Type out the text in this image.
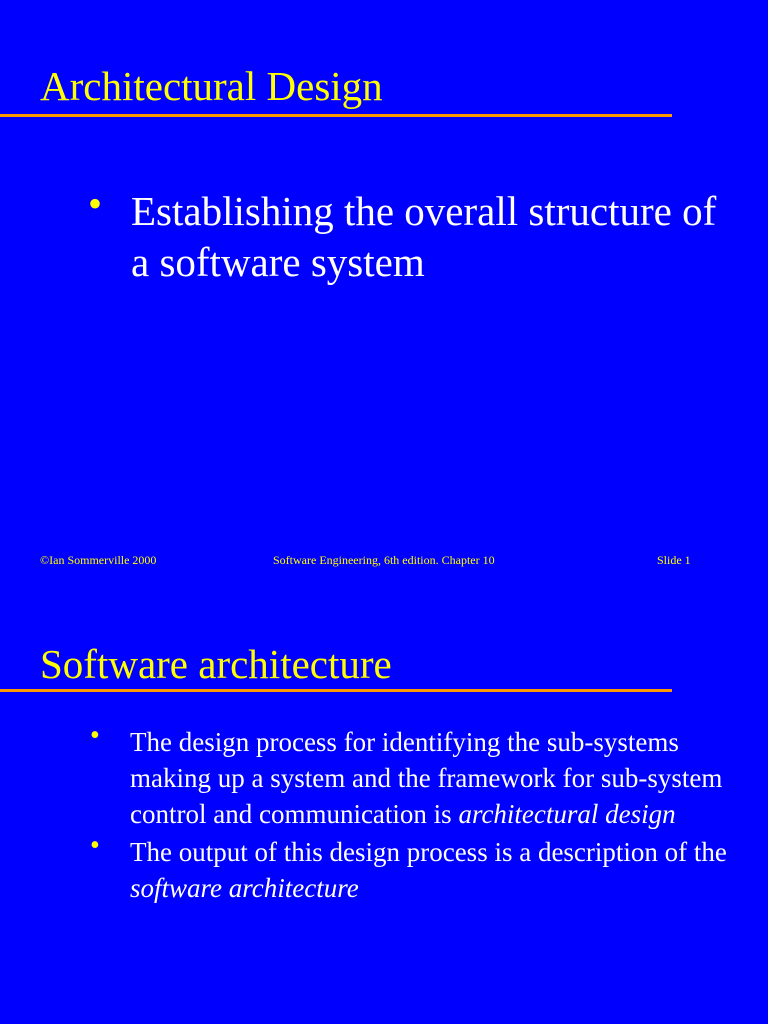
Architectural Design
• Establishing the overall structure of a software system
©Ian Sommerville 2000	Software Engineering, 6th edition. Chapter 10	Slide 1
Software architecture
• The design process for identifying the sub-systems making up a system and the framework for sub-system control and communication is architectural design
• The output of this design process is a description of the software architecture
